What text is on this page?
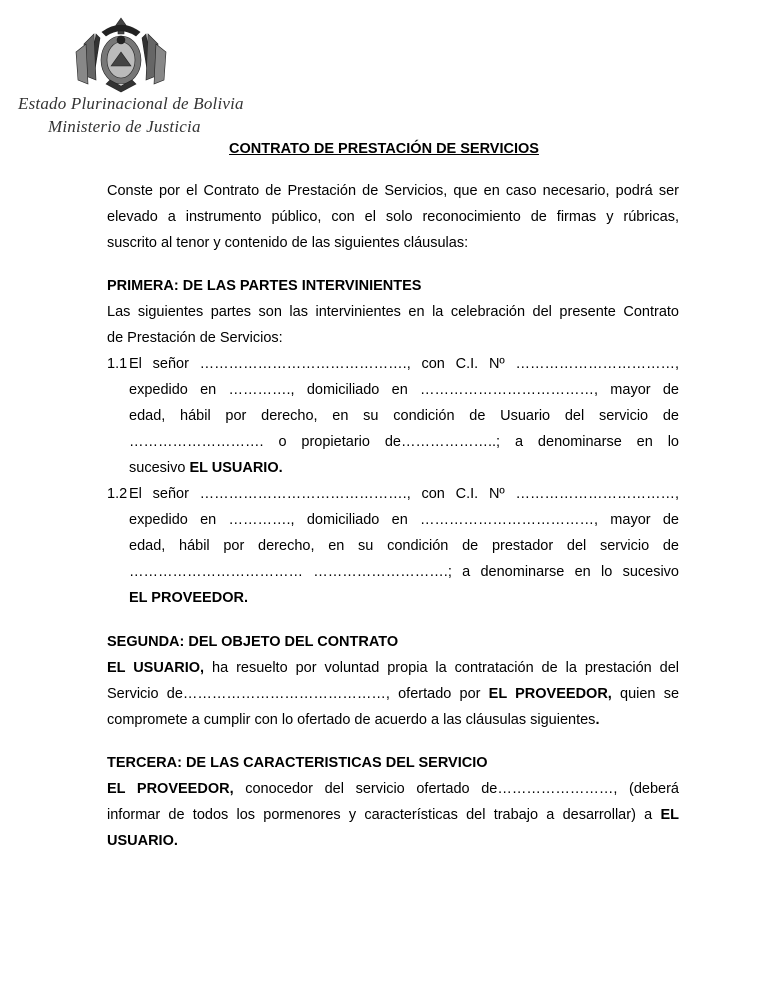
Estado Plurinacional de Bolivia
Ministerio de Justicia
CONTRATO DE PRESTACIÓN DE SERVICIOS
Conste por el Contrato de Prestación de Servicios, que en caso necesario, podrá ser
elevado a instrumento público, con el solo reconocimiento de firmas y rúbricas,
suscrito al tenor y contenido de las siguientes cláusulas:
PRIMERA: DE LAS PARTES INTERVINIENTES
Las siguientes partes son las intervinientes en la celebración del presente Contrato
de Prestación de Servicios:
1.1 El señor ……………………………………., con C.I. Nº ……………………………,
expedido en …………., domiciliado en ………………………………, mayor de
edad, hábil por derecho, en su condición de Usuario del servicio de
………………………. o propietario de………………..; a denominarse en lo
sucesivo EL USUARIO.
1.2 El señor ……………………………………., con C.I. Nº ……………………………,
expedido en …………., domiciliado en ………………………………, mayor de
edad, hábil por derecho, en su condición de prestador del servicio de
……………………………… ……………………….; a denominarse en lo sucesivo
EL PROVEEDOR.
SEGUNDA: DEL OBJETO DEL CONTRATO
EL USUARIO, ha resuelto por voluntad propia la contratación de la prestación del
Servicio de……………………………………, ofertado por EL PROVEEDOR, quien se
compromete a cumplir con lo ofertado de acuerdo a las cláusulas siguientes.
TERCERA: DE LAS CARACTERISTICAS DEL SERVICIO
EL PROVEEDOR, conocedor del servicio ofertado de……………………, (deberá
informar de todos los pormenores y características del trabajo a desarrollar) a EL
USUARIO.
